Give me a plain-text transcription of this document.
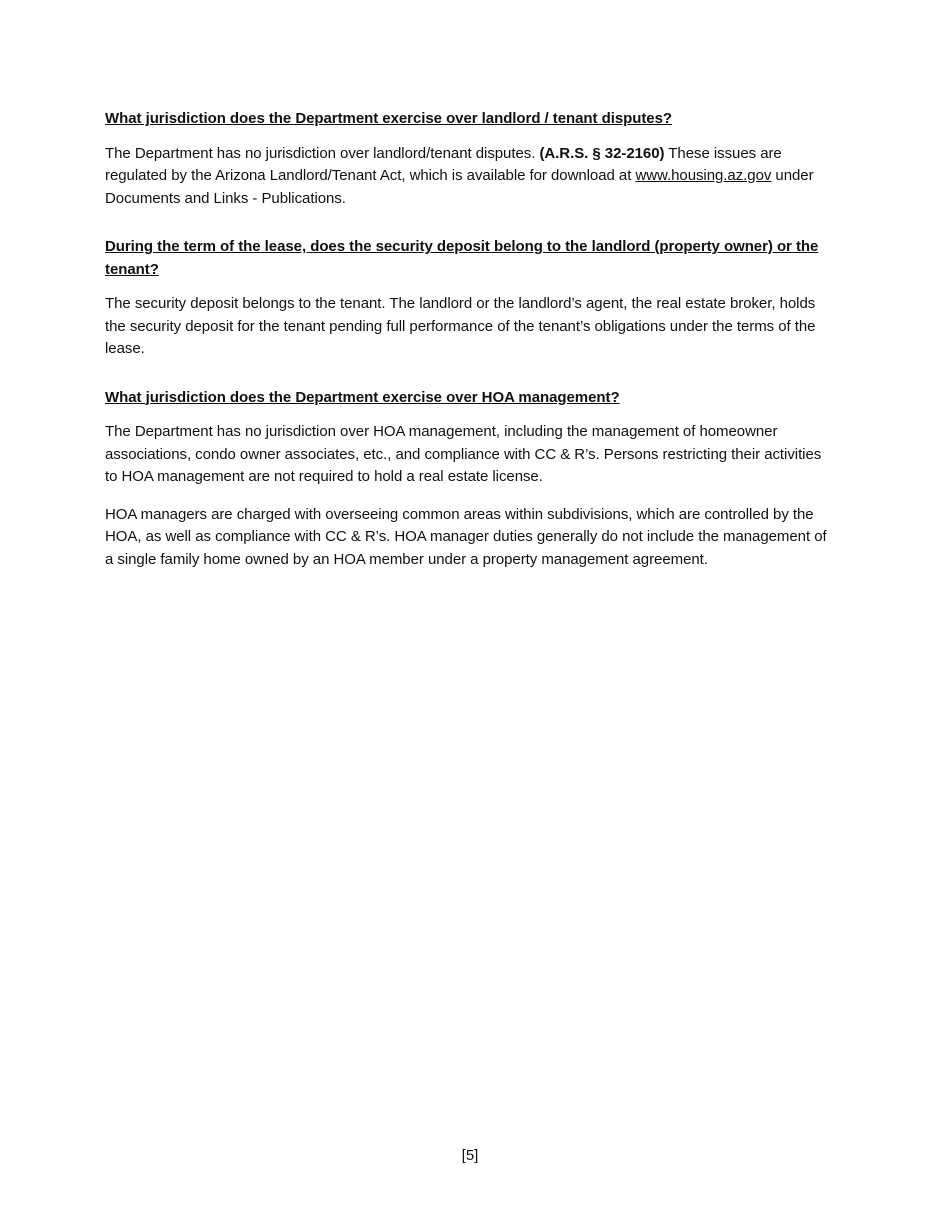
What jurisdiction does the Department exercise over landlord / tenant disputes?
The Department has no jurisdiction over landlord/tenant disputes. (A.R.S. § 32-2160) These issues are regulated by the Arizona Landlord/Tenant Act, which is available for download at www.housing.az.gov under Documents and Links - Publications.
During the term of the lease, does the security deposit belong to the landlord (property owner) or the tenant?
The security deposit belongs to the tenant. The landlord or the landlord’s agent, the real estate broker, holds the security deposit for the tenant pending full performance of the tenant’s obligations under the terms of the lease.
What jurisdiction does the Department exercise over HOA management?
The Department has no jurisdiction over HOA management, including the management of homeowner associations, condo owner associates, etc., and compliance with CC & R’s. Persons restricting their activities to HOA management are not required to hold a real estate license.
HOA managers are charged with overseeing common areas within subdivisions, which are controlled by the HOA, as well as compliance with CC & R’s. HOA manager duties generally do not include the management of a single family home owned by an HOA member under a property management agreement.
[5]
